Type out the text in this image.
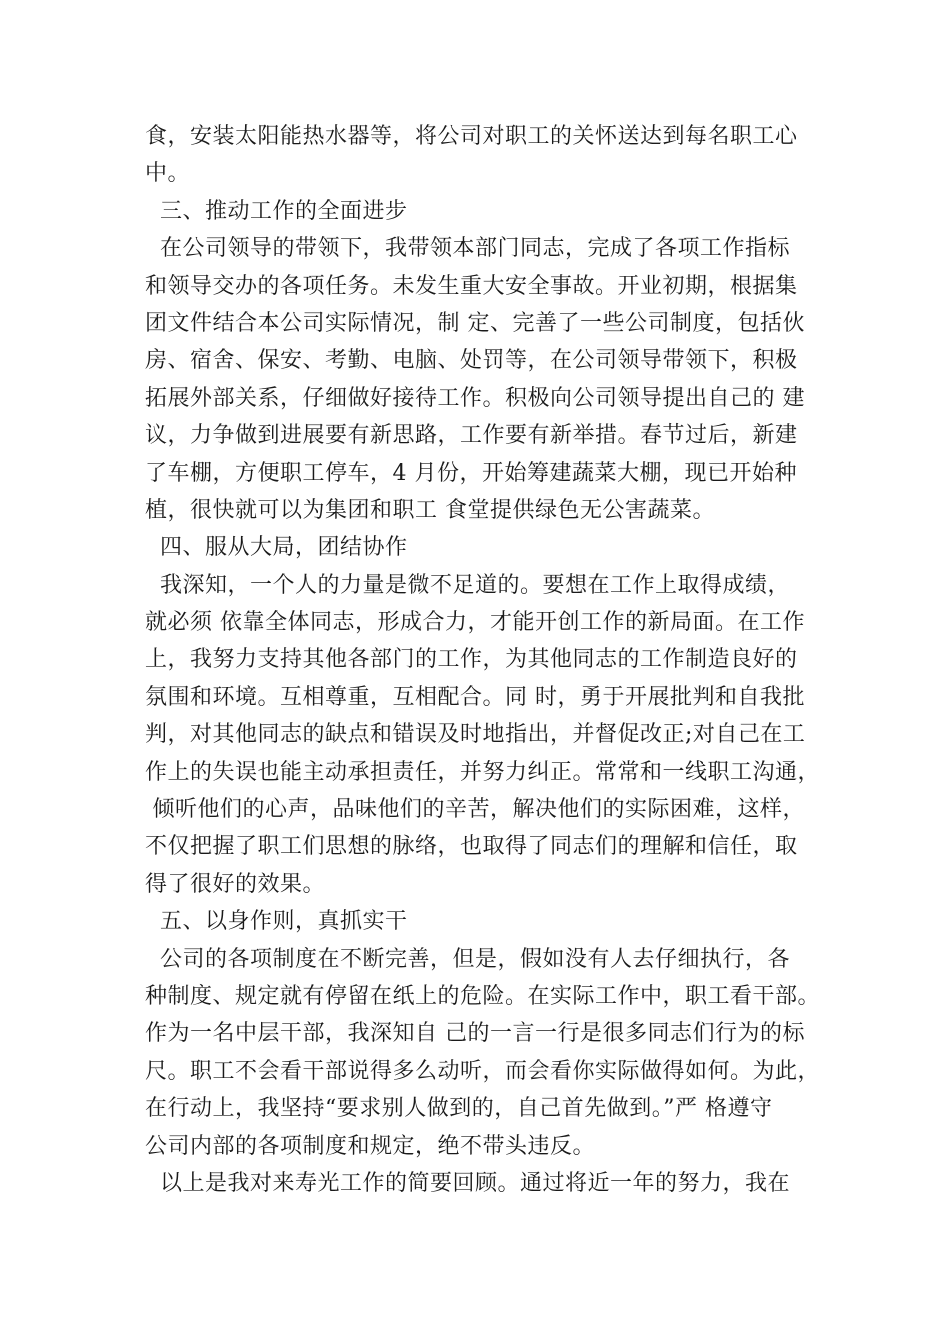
食，安装太阳能热水器等，将公司对职工的关怀送达到每名职工心
中。
三、推动工作的全面进步
在公司领导的带领下，我带领本部门同志，完成了各项工作指标
和领导交办的各项任务。未发生重大安全事故。开业初期，根据集
团文件结合本公司实际情况，制 定、完善了一些公司制度，包括伙
房、宿舍、保安、考勤、电脑、处罚等，在公司领导带领下，积极
拓展外部关系，仔细做好接待工作。积极向公司领导提出自己的 建
议，力争做到进展要有新思路，工作要有新举措。春节过后，新建
了车棚，方便职工停车，4 月份，开始筹建蔬菜大棚，现已开始种
植，很快就可以为集团和职工 食堂提供绿色无公害蔬菜。
四、服从大局，团结协作
我深知，一个人的力量是微不足道的。要想在工作上取得成绩，
就必须 依靠全体同志，形成合力，才能开创工作的新局面。在工作
上，我努力支持其他各部门的工作，为其他同志的工作制造良好的
氛围和环境。互相尊重，互相配合。同 时，勇于开展批判和自我批
判，对其他同志的缺点和错误及时地指出，并督促改正;对自己在工
作上的失误也能主动承担责任，并努力纠正。常常和一线职工沟通，
倾听他们的心声，品味他们的辛苦，解决他们的实际困难，这样，
不仅把握了职工们思想的脉络，也取得了同志们的理解和信任，取
得了很好的效果。
五、以身作则，真抓实干
公司的各项制度在不断完善，但是，假如没有人去仔细执行，各
种制度、规定就有停留在纸上的危险。在实际工作中，职工看干部。
作为一名中层干部，我深知自 己的一言一行是很多同志们行为的标
尺。职工不会看干部说得多么动听，而会看你实际做得如何。为此，
在行动上，我坚持“要求别人做到的，自己首先做到。”严 格遵守
公司内部的各项制度和规定，绝不带头违反。
以上是我对来寿光工作的简要回顾。通过将近一年的努力，我在
